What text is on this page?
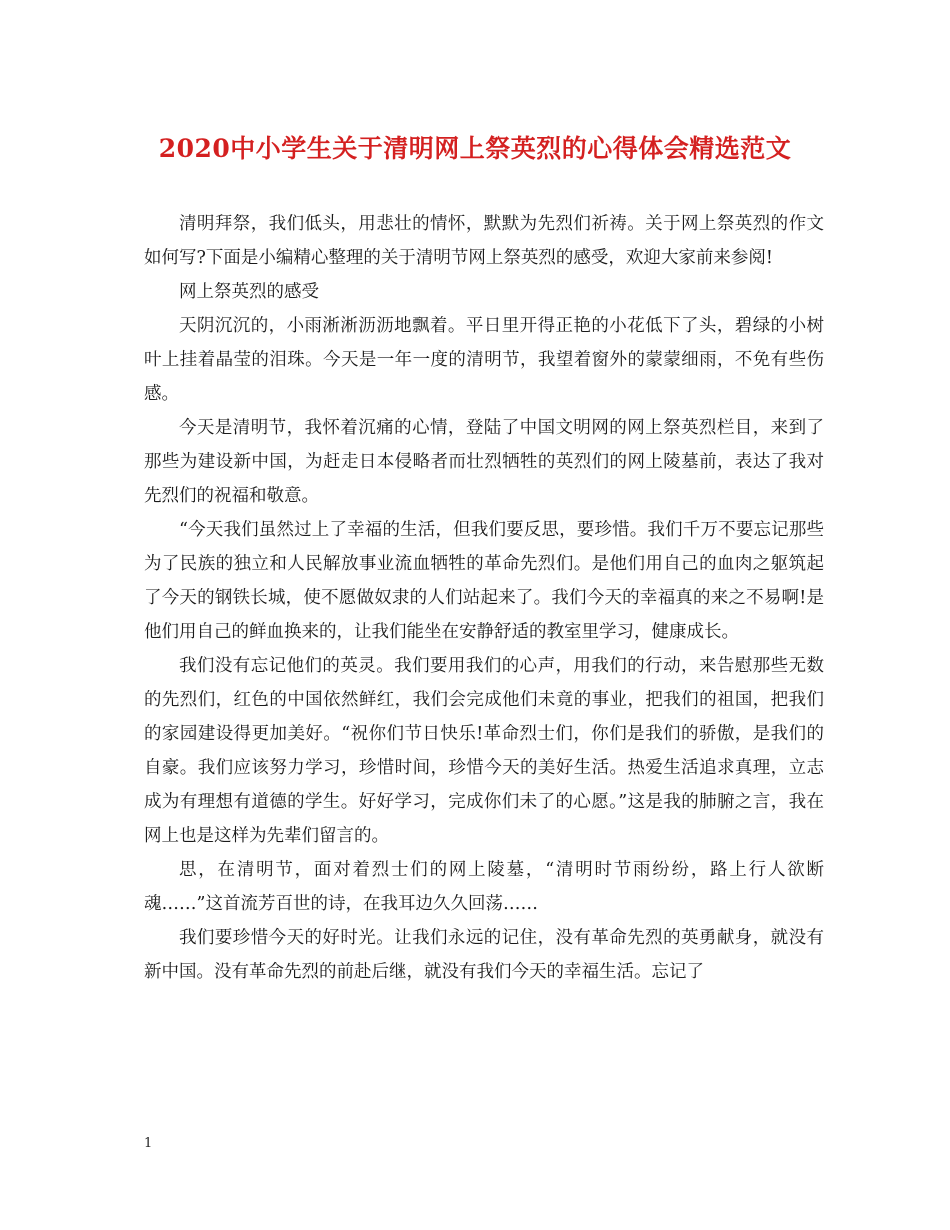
2020中小学生关于清明网上祭英烈的心得体会精选范文

清明拜祭，我们低头，用悲壮的情怀，默默为先烈们祈祷。关于网上祭英烈的作文如何写?下面是小编精心整理的关于清明节网上祭英烈的感受，欢迎大家前来参阅!

网上祭英烈的感受

天阴沉沉的，小雨淅淅沥沥地飘着。平日里开得正艳的小花低下了头，碧绿的小树叶上挂着晶莹的泪珠。今天是一年一度的清明节，我望着窗外的蒙蒙细雨，不免有些伤感。

今天是清明节，我怀着沉痛的心情，登陆了中国文明网的网上祭英烈栏目，来到了那些为建设新中国，为赶走日本侵略者而壮烈牺牲的英烈们的网上陵墓前，表达了我对先烈们的祝福和敬意。

“今天我们虽然过上了幸福的生活，但我们要反思，要珍惜。我们千万不要忘记那些为了民族的独立和人民解放事业流血牺牲的革命先烈们。是他们用自己的血肉之躯筑起了今天的钢铁长城，使不愿做奴隶的人们站起来了。我们今天的幸福真的来之不易啊!是他们用自己的鲜血换来的，让我们能坐在安静舒适的教室里学习，健康成长。

我们没有忘记他们的英灵。我们要用我们的心声，用我们的行动，来告慰那些无数的先烈们，红色的中国依然鲜红，我们会完成他们未竟的事业，把我们的祖国，把我们的家园建设得更加美好。“祝你们节日快乐!革命烈士们，你们是我们的骄傲，是我们的自豪。我们应该努力学习，珍惜时间，珍惜今天的美好生活。热爱生活追求真理，立志成为有理想有道德的学生。好好学习，完成你们未了的心愿。”这是我的肺腑之言，我在网上也是这样为先辈们留言的。

思，在清明节，面对着烈士们的网上陵墓，“清明时节雨纷纷，路上行人欲断魂……”这首流芳百世的诗，在我耳边久久回荡……

我们要珍惜今天的好时光。让我们永远的记住，没有革命先烈的英勇献身，就没有新中国。没有革命先烈的前赴后继，就没有我们今天的幸福生活。忘记了

1
